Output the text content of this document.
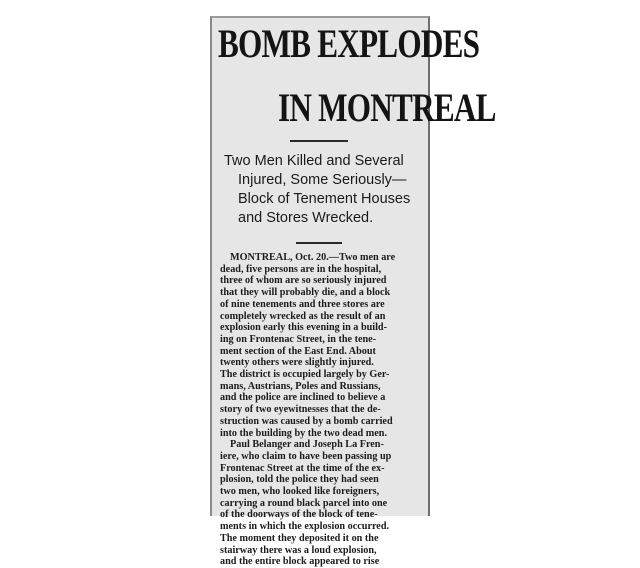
BOMB EXPLODES
IN MONTREAL
Two Men Killed and Several
Injured, Some Seriously—
Block of Tenement Houses
and Stores Wrecked.
MONTREAL, Oct. 20.—Two men are
dead, five persons are in the hospital,
three of whom are so seriously injured
that they will probably die, and a block
of nine tenements and three stores are
completely wrecked as the result of an
explosion early this evening in a build-
ing on Frontenac Street, in the tene-
ment section of the East End. About
twenty others were slightly injured.
The district is occupied largely by Ger-
mans, Austrians, Poles and Russians,
and the police are inclined to believe a
story of two eyewitnesses that the de-
struction was caused by a bomb carried
into the building by the two dead men.
Paul Belanger and Joseph La Fren-
iere, who claim to have been passing up
Frontenac Street at the time of the ex-
plosion, told the police they had seen
two men, who looked like foreigners,
carrying a round black parcel into one
of the doorways of the block of tene-
ments in which the explosion occurred.
The moment they deposited it on the
stairway there was a loud explosion,
and the entire block appeared to rise
